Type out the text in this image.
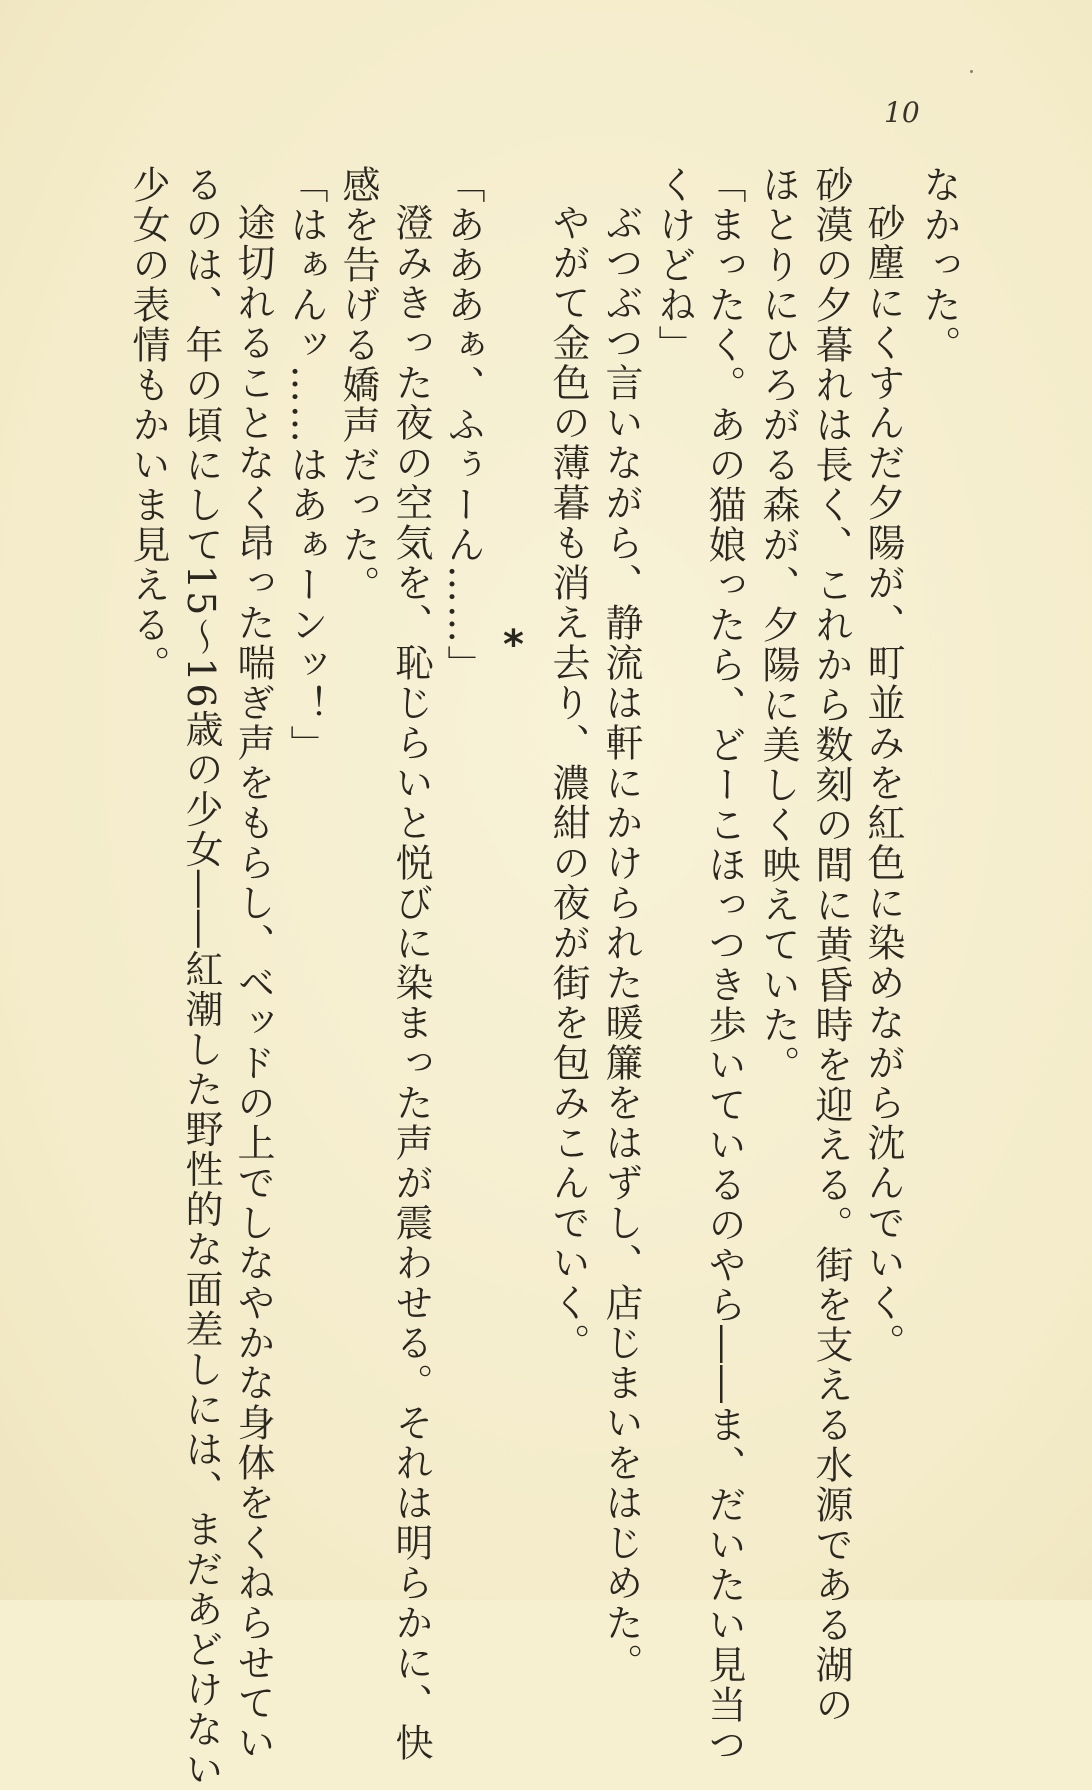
10
なかった。
砂塵にくすんだ夕陽が、町並みを紅色に染めながら沈んでいく。
砂漠の夕暮れは長く、これから数刻の間に黄昏時を迎える。街を支える水源である湖の
ほとりにひろがる森が、夕陽に美しく映えていた。
「まったく。あの猫娘ったら、どーこほっつき歩いているのやら――ま、だいたい見当つ
くけどね」
ぶつぶつ言いながら、静流は軒にかけられた暖簾をはずし、店じまいをはじめた。
やがて金色の薄暮も消え去り、濃紺の夜が街を包みこんでいく。
*
「あああぁ、ふぅーん……」
澄みきった夜の空気を、恥じらいと悦びに染まった声が震わせる。それは明らかに、快
感を告げる嬌声だった。
「はぁんッ……はあぁーンッ！」
途切れることなく昂った喘ぎ声をもらし、ベッドの上でしなやかな身体をくねらせてい
るのは、年の頃にして15～16歳の少女――紅潮した野性的な面差しには、まだあどけない
少女の表情もかいま見える。
